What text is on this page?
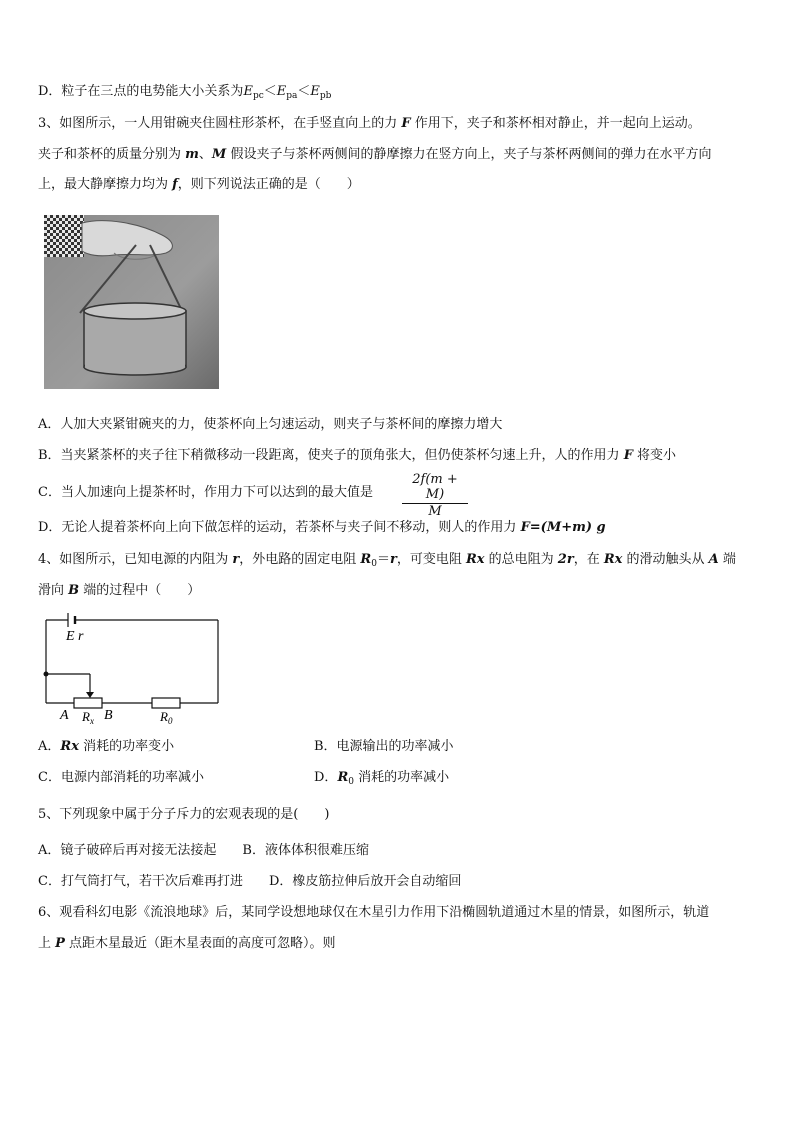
D．粒子在三点的电势能大小关系为$E_{pc}<E_{pa}<E_{pb}$
3、如图所示，一人用钳碗夹住圆柱形茶杯，在手竖直向上的力 F 作用下，夹子和茶杯相对静止，并一起向上运动。
夹子和茶杯的质量分别为 m、M 假设夹子与茶杯两侧间的静摩擦力在竖方向上，夹子与茶杯两侧间的弹力在水平方向
上，最大静摩擦力均为 f，则下列说法正确的是（　　）
A．人加大夹紧钳碗夹的力，使茶杯向上匀速运动，则夹子与茶杯间的摩擦力增大
B．当夹紧茶杯的夹子往下稍微移动一段距离，使夹子的顶角张大，但仍使茶杯匀速上升，人的作用力 F 将变小
C．当人加速向上提茶杯时，作用力下可以达到的最大值是 $\frac{2f(m + M)}{M}$
D．无论人提着茶杯向上向下做怎样的运动，若茶杯与夹子间不移动，则人的作用力 F=(M+m) g
4、如图所示，已知电源的内阻为 r，外电路的固定电阻 $R_0=r$，可变电阻 Rx 的总电阻为 2r，在 Rx 的滑动触头从 A 端
滑向 B 端的过程中（　　）
E r
A $R_x$ B	$R_0$
A．Rx 消耗的功率变小	B．电源输出的功率减小
C．电源内部消耗的功率减小	D．$R_0$ 消耗的功率减小
5、下列现象中属于分子斥力的宏观表现的是(　　)
A．镜子破碎后再对接无法接起　　B．液体体积很难压缩
C．打气筒打气，若干次后难再打进　　D．橡皮筋拉伸后放开会自动缩回
6、观看科幻电影《流浪地球》后，某同学设想地球仅在木星引力作用下沿椭圆轨道通过木星的情景，如图所示，轨道
上 P 点距木星最近（距木星表面的高度可忽略）。则
